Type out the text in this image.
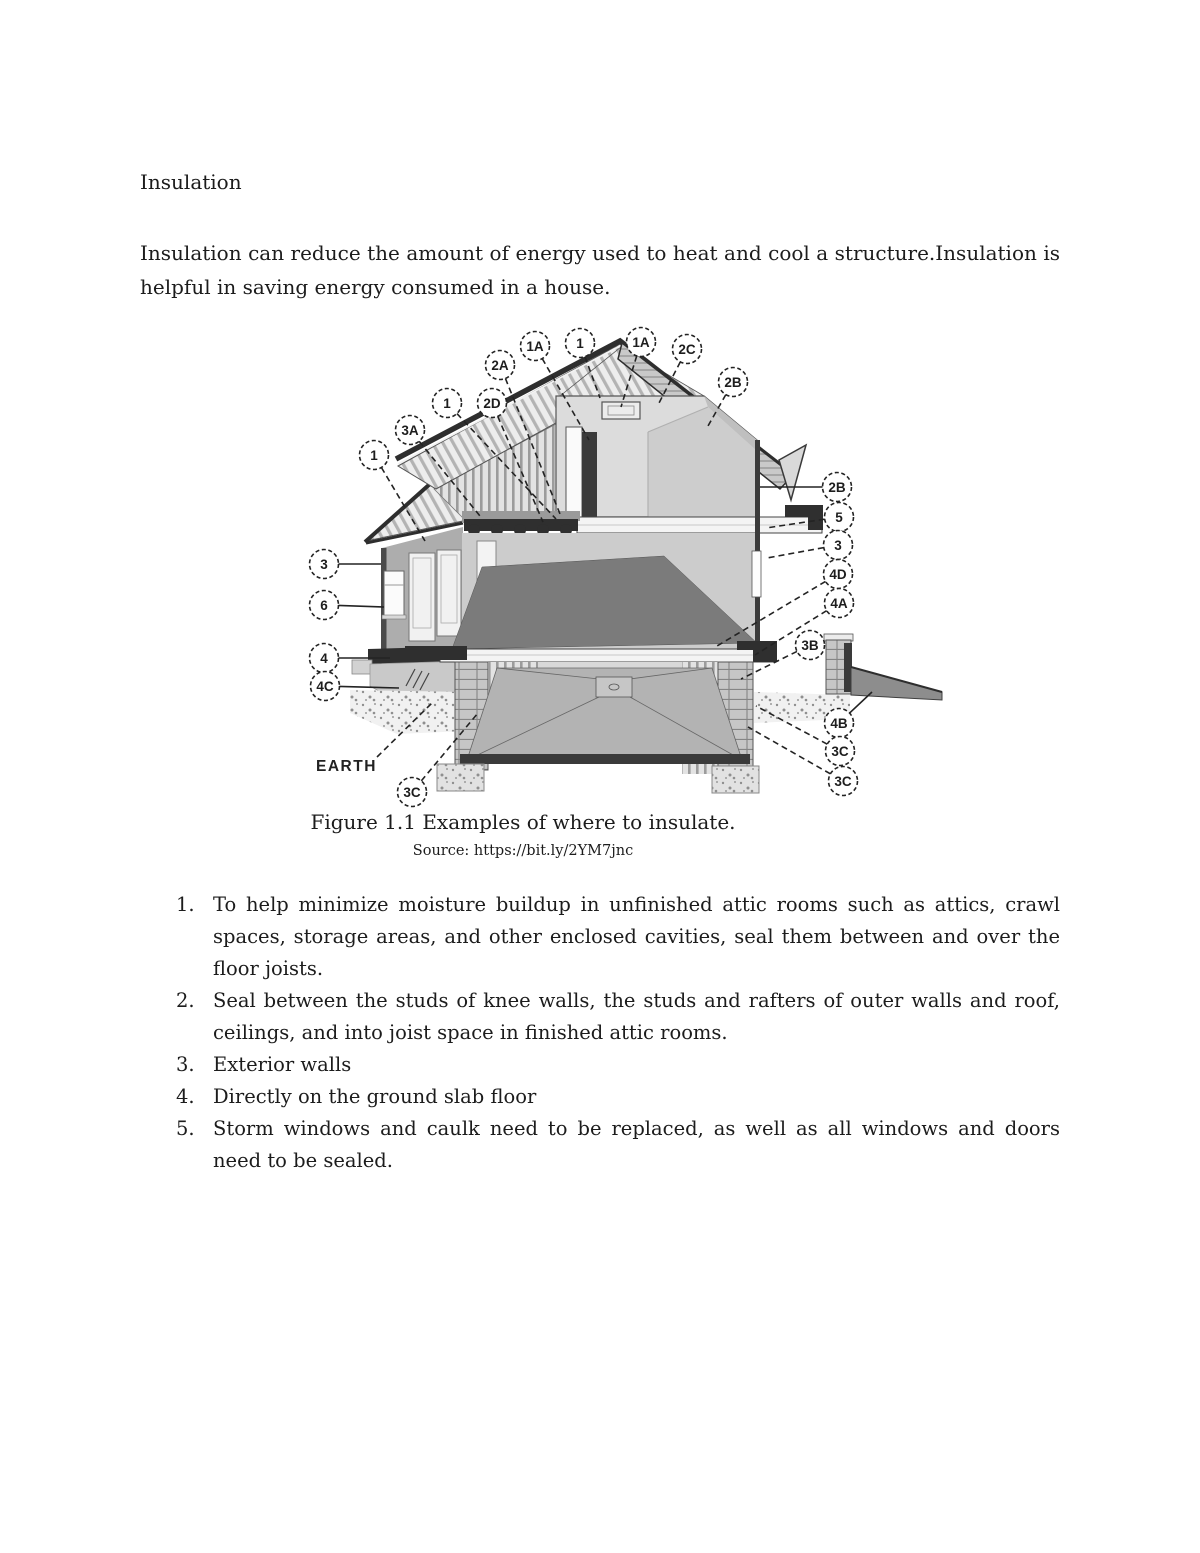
Insulation

Insulation can reduce the amount of energy used to heat and cool a structure.Insulation is helpful in saving energy consumed in a house.

EARTH
2A
1A 1	1A 2C
2B
1 2D
3A
1
3
6
4
4C
3C
2B
5
3
4D
4A
3B
4B
3C
3C
Figure 1.1 Examples of where to insulate.
Source: https://bit.ly/2YM7jnc
1. To help minimize moisture buildup in unfinished attic rooms such as attics, crawl spaces, storage areas, and other enclosed cavities, seal them between and over the floor joists.
2. Seal between the studs of knee walls, the studs and rafters of outer walls and roof, ceilings, and into joist space in finished attic rooms.
3. Exterior walls
4. Directly on the ground slab floor
5. Storm windows and caulk need to be replaced, as well as all windows and doors need to be sealed.
